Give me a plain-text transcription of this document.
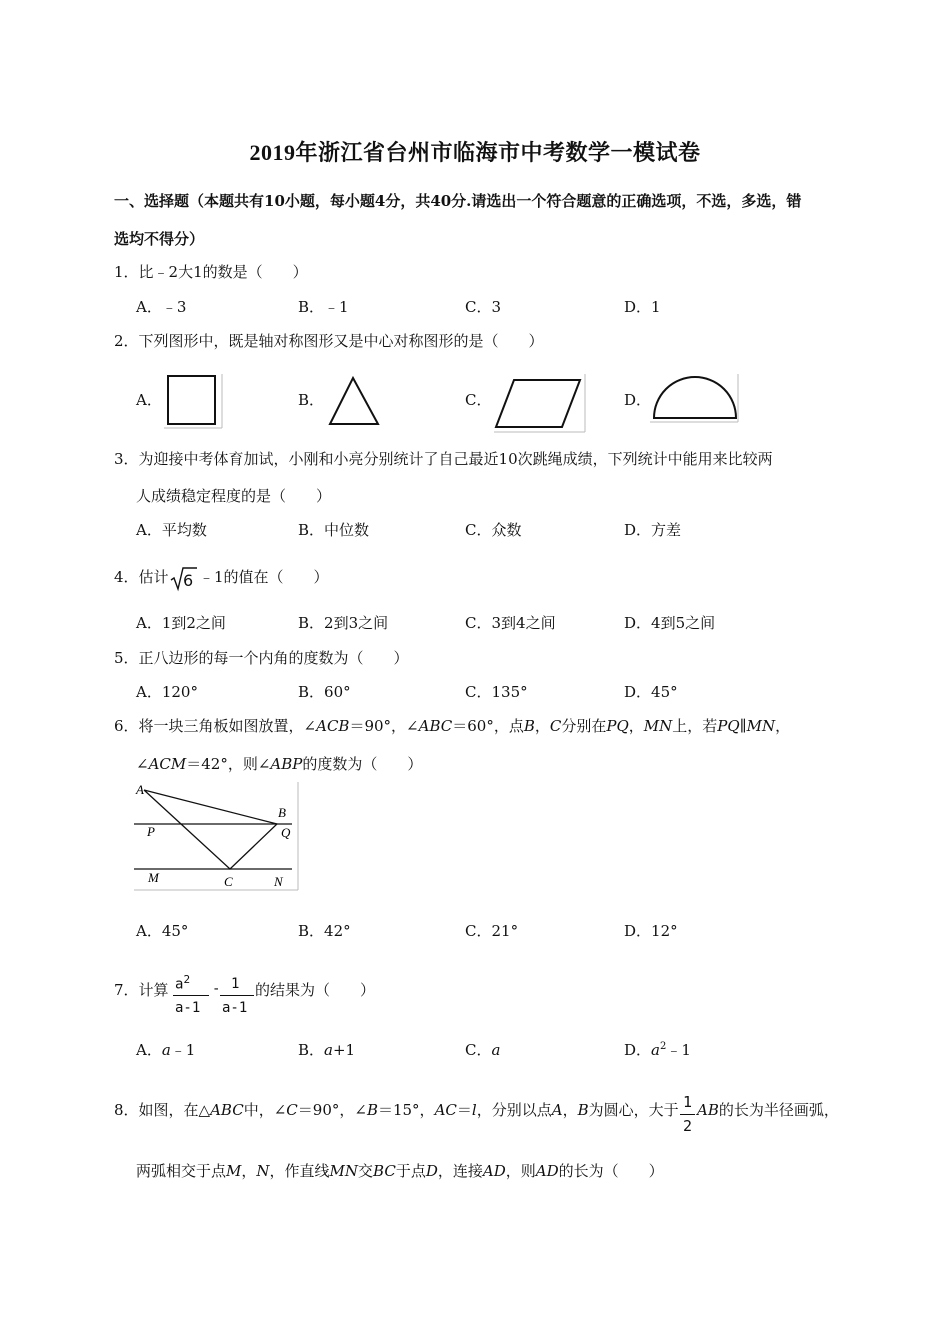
2019年浙江省台州市临海市中考数学一模试卷
一、选择题（本题共有10小题，每小题4分，共40分.请选出一个符合题意的正确选项，不选，多选，错
选均不得分）
1．比﹣2大1的数是（　　）
A．﹣3	B．﹣1	C．3	D．1
2．下列图形中，既是轴对称图形又是中心对称图形的是（　　）
A．	B．	C．	D．
3．为迎接中考体育加试，小刚和小亮分别统计了自己最近10次跳绳成绩，下列统计中能用来比较两
人成绩稳定程度的是（　　）
A．平均数	B．中位数	C．众数	D．方差
4．估计 6 ﹣1的值在（　　）
A．1到2之间	B．2到3之间	C．3到4之间	D．4到5之间
5．正八边形的每一个内角的度数为（　　）
A．120°	B．60°	C．135°	D．45°
6．将一块三角板如图放置，∠ACB＝90°，∠ABC＝60°，点B，C分别在PQ，MN上，若PQ∥MN，
∠ACM＝42°，则∠ABP的度数为（　　）
A
B
P	Q
M	C	N
A．45°	B．42°	C．21°	D．12°
7．计算 $a^2$
a-1
- 1
a-1
的结果为（　　）
A．a﹣1	B．a+1	C．a	D．$a^2﹣1$
8．如图，在△ABC中，∠C＝90°，∠B＝15°，AC＝l，分别以点A，B为圆心，大于 1
2
AB的长为半径画弧，
两弧相交于点M，N，作直线MN交BC于点D，连接AD，则AD的长为（　　）
